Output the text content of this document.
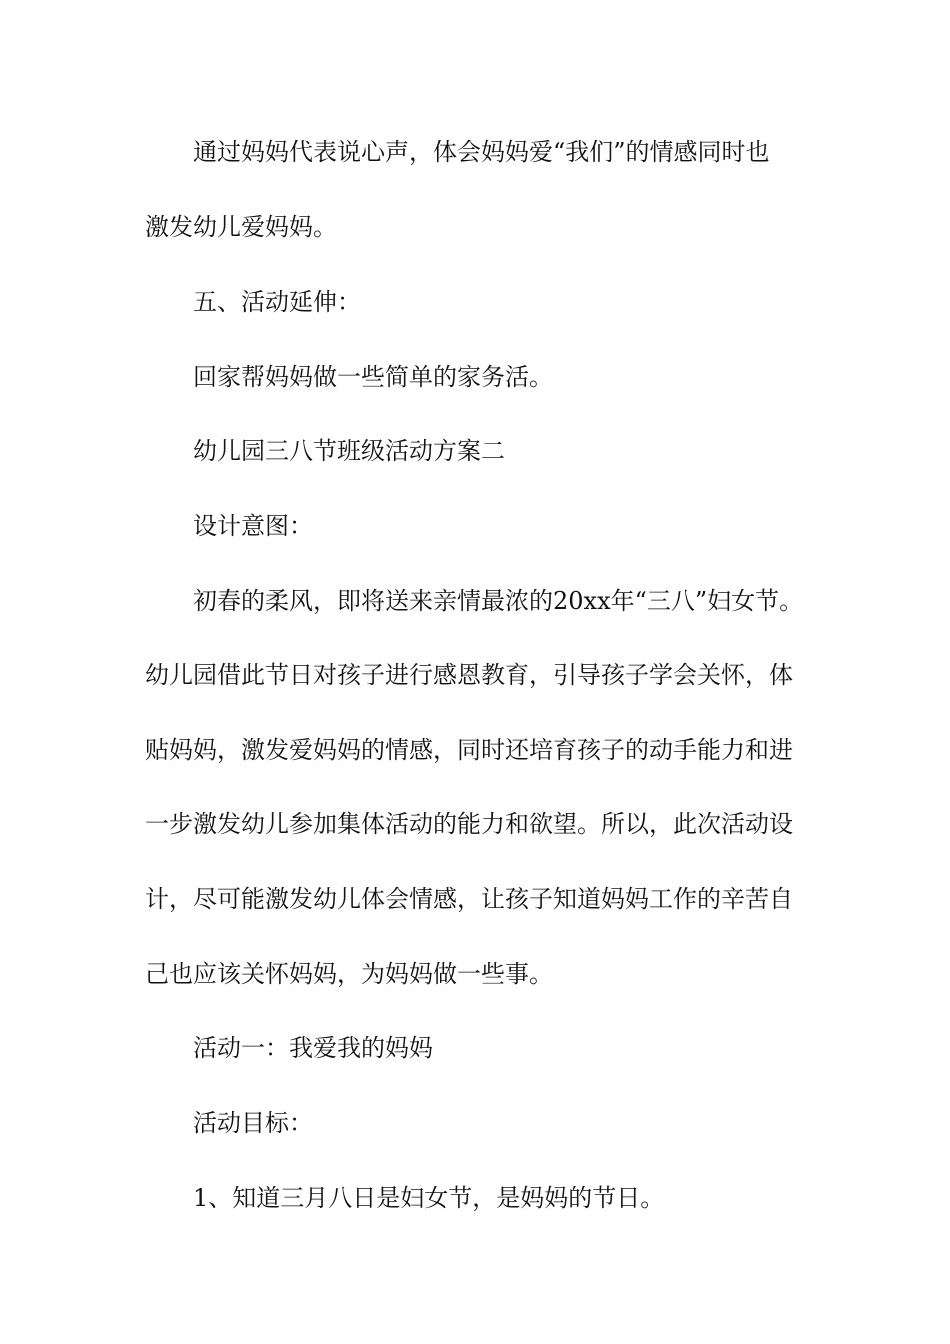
通过妈妈代表说心声，体会妈妈爱“我们”的情感同时也
激发幼儿爱妈妈。
五、活动延伸：
回家帮妈妈做一些简单的家务活。
幼儿园三八节班级活动方案二
设计意图：
初春的柔风，即将送来亲情最浓的20xx年“三八”妇女节。
幼儿园借此节日对孩子进行感恩教育，引导孩子学会关怀，体
贴妈妈，激发爱妈妈的情感，同时还培育孩子的动手能力和进
一步激发幼儿参加集体活动的能力和欲望。所以，此次活动设
计，尽可能激发幼儿体会情感，让孩子知道妈妈工作的辛苦自
己也应该关怀妈妈，为妈妈做一些事。
活动一：我爱我的妈妈
活动目标：
1、知道三月八日是妇女节，是妈妈的节日。
